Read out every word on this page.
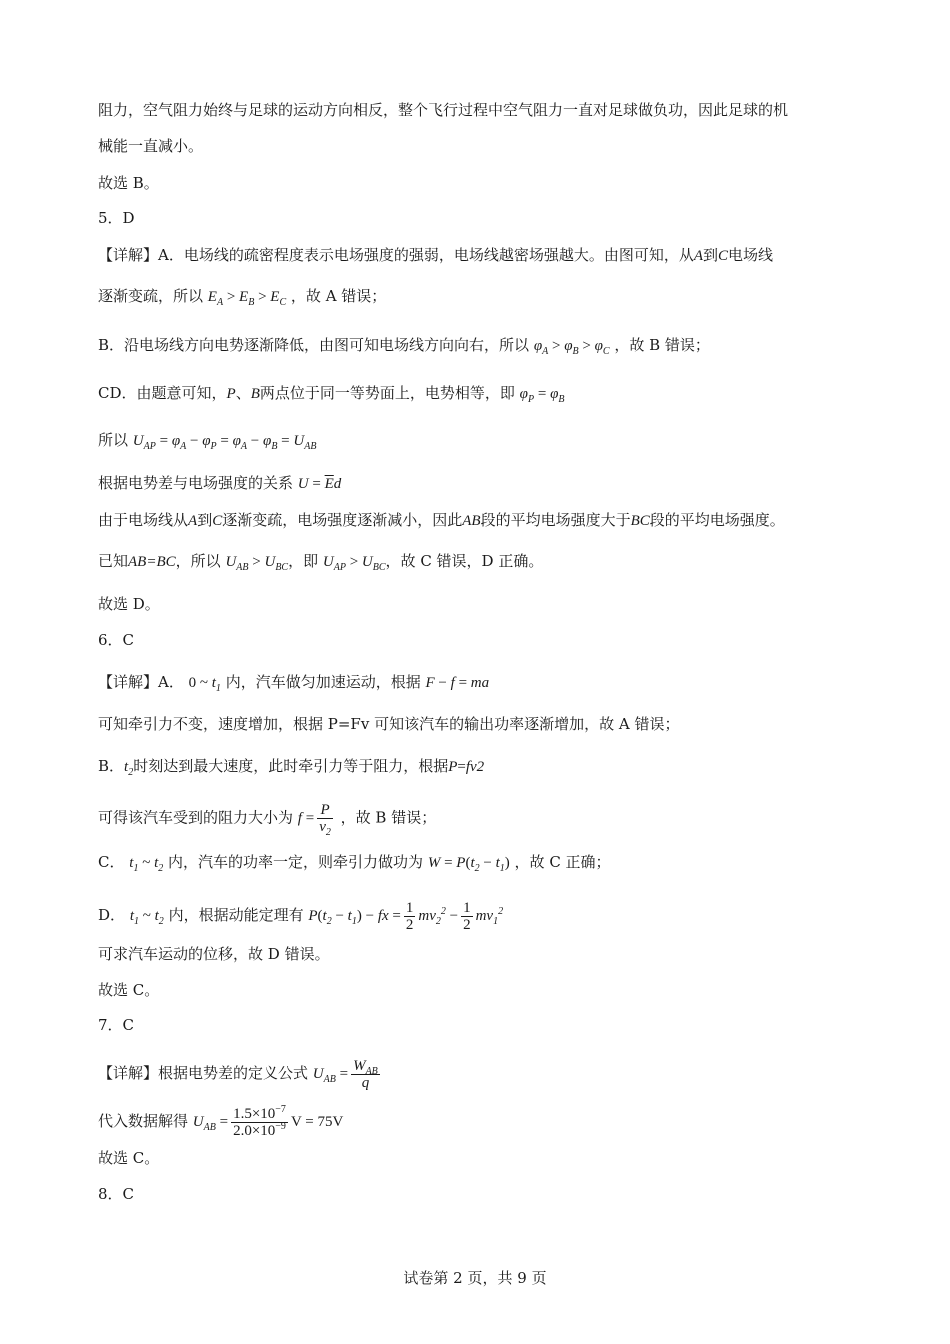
阻力，空气阻力始终与足球的运动方向相反，整个飞行过程中空气阻力一直对足球做负功，因此足球的机
械能一直减小。
故选 B。
5．D
【详解】A．电场线的疏密程度表示电场强度的强弱，电场线越密场强越大。由图可知，从A到C电场线
逐渐变疏，所以 $E_A > E_B > E_C$ ，故 A 错误；
B．沿电场线方向电势逐渐降低，由图可知电场线方向向右，所以 $\varphi_A > \varphi_B > \varphi_C$ ，故 B 错误；
CD．由题意可知，P、B两点位于同一等势面上，电势相等，即 $\varphi_P = \varphi_B$
所以 $U_{AP} = \varphi_A - \varphi_P = \varphi_A - \varphi_B = U_{AB}$
根据电势差与电场强度的关系 $U = \overline{E}d$
由于电场线从A到C逐渐变疏，电场强度逐渐减小，因此AB段的平均电场强度大于BC段的平均电场强度。
已知AB=BC，所以 $U_{AB} > U_{BC}$，即 $U_{AP} > U_{BC}$，故 C 错误，D 正确。
故选 D。
6．C
【详解】A． 0 ~ $t_1$ 内，汽车做匀加速运动，根据 F − f = ma
可知牵引力不变，速度增加，根据 P=Fv 可知该汽车的输出功率逐渐增加，故 A 错误；
B．$t_2$时刻达到最大速度，此时牵引力等于阻力，根据P=fv2
可得该汽车受到的阻力大小为 $f = \frac{P}{v_2}$ ，故 B 错误；
C． $t_1$ ~ $t_2$ 内，汽车的功率一定，则牵引力做功为 $W = P(t_2 - t_1)$ ，故 C 正确；
D． $t_1$ ~ $t_2$ 内，根据动能定理有 $P(t_2 - t_1)$ − fx = $\frac{1}{2} mv_2^2 - \frac{1}{2} mv_1^2$
可求汽车运动的位移，故 D 错误。
故选 C。
7．C
【详解】根据电势差的定义公式 $U_{AB} = \frac{W_{AB}}{q}$
代入数据解得 $U_{AB} = \frac{1.5\times 10^{-7}}{2.0\times 10^{-9}}$ V = 75V
故选 C。
8．C
试卷第 2 页，共 9 页
